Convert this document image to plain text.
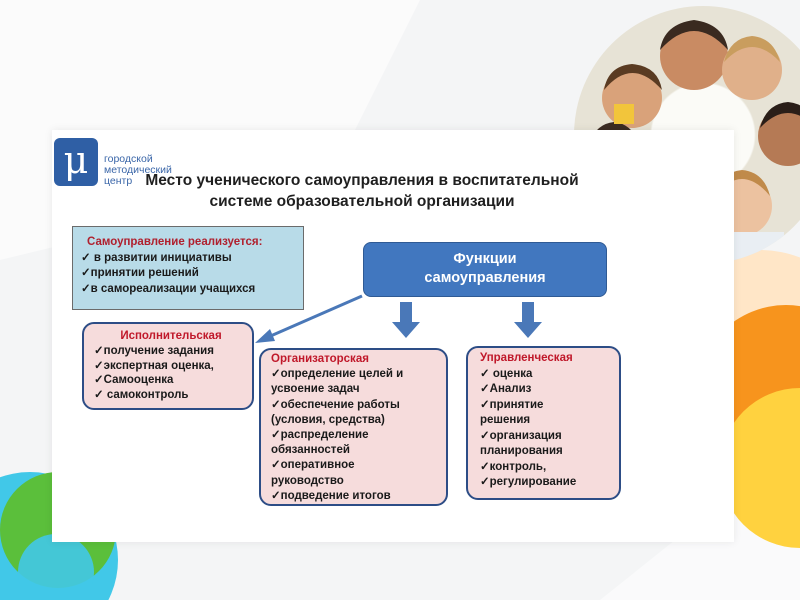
μ	городской
методический
центр Место ученического самоуправления в воспитательной
системе образовательной организации
Самоуправление реализуется:
✓ в развитии инициативы
✓принятии решений
✓в самореализации учащихся
Функции
самоуправления
Исполнительская
✓получение задания
✓экспертная оценка,
✓Самооценка
✓ самоконтроль
Организаторская
✓определение целей и
усвоение задач
✓обеспечение работы
(условия, средства)
✓распределение
обязанностей
✓оперативное
руководство
✓подведение итогов
Управленческая
✓ оценка
✓Анализ
✓принятие
решения
✓организация
планирования
✓контроль,
✓регулирование
